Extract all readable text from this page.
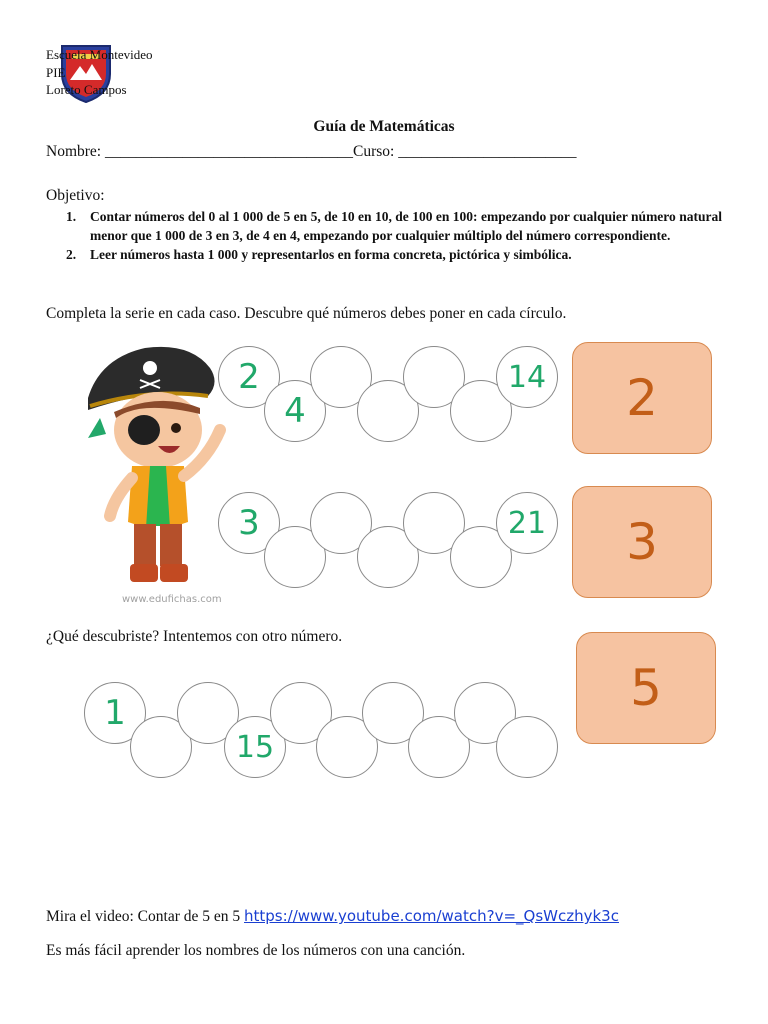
Escuela Montevideo
PIE
Loreto Campos
Guía de Matemáticas
Nombre: ________________________________Curso: _______________________
Objetivo:
1. Contar números del 0 al 1 000 de 5 en 5, de 10 en 10, de 100 en 100: empezando por cualquier número natural menor que 1 000 de 3 en 3, de 4 en 4, empezando por cualquier múltiplo del número correspondiente.
2. Leer números hasta 1 000 y representarlos en forma concreta, pictórica y simbólica.
Completa la serie en cada caso. Descubre qué números debes poner en cada círculo.
www.edufichas.com
2
4
14	2
3	21	3
¿Qué descubriste? Intentemos con otro número.
1
15
5
Mira el video: Contar de 5 en 5 https://www.youtube.com/watch?v=_QsWczhyk3c
Es más fácil aprender los nombres de los números con una canción.
